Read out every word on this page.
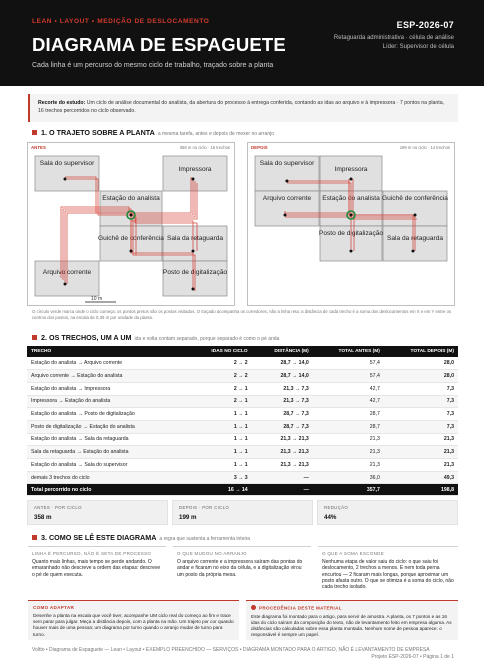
LEAN • LAYOUT • MEDIÇÃO DE DESLOCAMENTO
DIAGRAMA DE ESPAGUETE
Cada linha é um percurso do mesmo ciclo de trabalho, traçado sobre a planta
ESP-2026-07
Retaguarda administrativa · célula de análise
Líder: Supervisor de célula
Recorte do estudo: Um ciclo de análise documental do analista, da abertura do processo à entrega conferida, contando as idas ao arquivo e à impressora · 7 pontos na planta, 16 trechos percorridos no ciclo observado.
1. O TRAJETO SOBRE A PLANTA a mesma tarefa, antes e depois de mexer no arranjo
Sala do supervisor
Impressora
Estação do analista
Guichê de conferência Sala da retaguarda
Arquivo corrente	Posto de digitalização
10 m
ANTES	358 m no ciclo · 16 trechos
Sala do supervisor
Impressora
Arquivo corrente Estação do analista Guichê de conferência
Posto de digitalização
Sala da retaguarda
DEPOIS	199 m no ciclo · 14 trechos
O círculo verde marca onde o ciclo começa; os pontos pretos são os postos visitados. O traçado acompanha os corredores, não a linha reta: a distância de cada trecho é a soma dos deslocamentos em X e em Y entre os centros dos postos, na escala de 0,35 m por unidade da planta.
2. OS TRECHOS, UM A UM ida e volta contam separado, porque separado é como o pé anda
TRECHO	IDAS NO CICLO	DISTÂNCIA (M)	TOTAL ANTES (M)	TOTAL DEPOIS (M)
Estação do analista → Arquivo corrente	2 → 2	28,7 → 14,0	57,4	28,0
Arquivo corrente → Estação do analista	2 → 2	28,7 → 14,0	57,4	28,0
Estação do analista → Impressora	2 → 1	21,3 → 7,3	42,7	7,3
Impressora → Estação do analista	2 → 1	21,3 → 7,3	42,7	7,3
Estação do analista → Posto de digitalização	1 → 1	28,7 → 7,3	28,7	7,3
Posto de digitalização → Estação do analista	1 → 1	28,7 → 7,3	28,7	7,3
Estação do analista → Sala da retaguarda	1 → 1	21,3 → 21,3	21,3	21,3
Sala da retaguarda → Estação do analista	1 → 1	21,3 → 21,3	21,3	21,3
Estação do analista → Sala do supervisor	1 → 1	21,3 → 21,3	21,3	21,3
demais 3 trechos do ciclo	3 → 3	—	36,0	49,3
Total percorrido no ciclo	16 → 14	—	357,7	198,8
ANTES · POR CICLO
358 m
DEPOIS · POR CICLO
199 m
REDUÇÃO
44%
3. COMO SE LÊ ESTE DIAGRAMA a regra que sustenta a ferramenta inteira
LINHA É PERCURSO, NÃO É SETA DE PROCESSO
Quanto mais linhas, mais tempo se perde andando. O emaranhado não descreve a ordem das etapas: descreve o pé de quem executa.
O QUE MUDOU NO ARRANJO
O arquivo corrente e a impressora saíram das pontas do andar e ficaram no eixo da célula, e a digitalização virou um posto da própria mesa.
O QUE A SOMA ESCONDE
Nenhuma etapa de valor saiu do ciclo: o que saiu foi deslocamento, 2 trechos a menos. E nem toda perna encurtou — 2 ficaram mais longas, porque aproximar um posto afasta outro. O que se otimiza é a soma do ciclo, não cada trecho isolado.
COMO ADAPTAR
Desenhe a planta na escala que você tiver, acompanhe UM ciclo real do começo ao fim e trace sem parar para julgar. Meça a distância depois, com a planta na mão. Um trajeto por cor quando houver mais de uma pessoa; um diagrama por turno quando o arranjo mudar de turno para turno.
PROCEDÊNCIA DESTE MATERIAL
Este diagrama foi montado para o artigo, para servir de amostra. A planta, os 7 pontos e as 16 idas do ciclo saíram da composição do texto, não de levantamento feito em empresa alguma. As distâncias são calculadas sobre essa planta montada. Nenhum nome de pessoa aparece: o responsável é sempre um papel.
Voltto • Diagrama de Espaguete — Lean • Layout • EXEMPLO PREENCHIDO — SERVIÇOS • DIAGRAMA MONTADO PARA O ARTIGO, NÃO É LEVANTAMENTO DE EMPRESA
Projeto ESP-2026-07 • Página 1 de 1
